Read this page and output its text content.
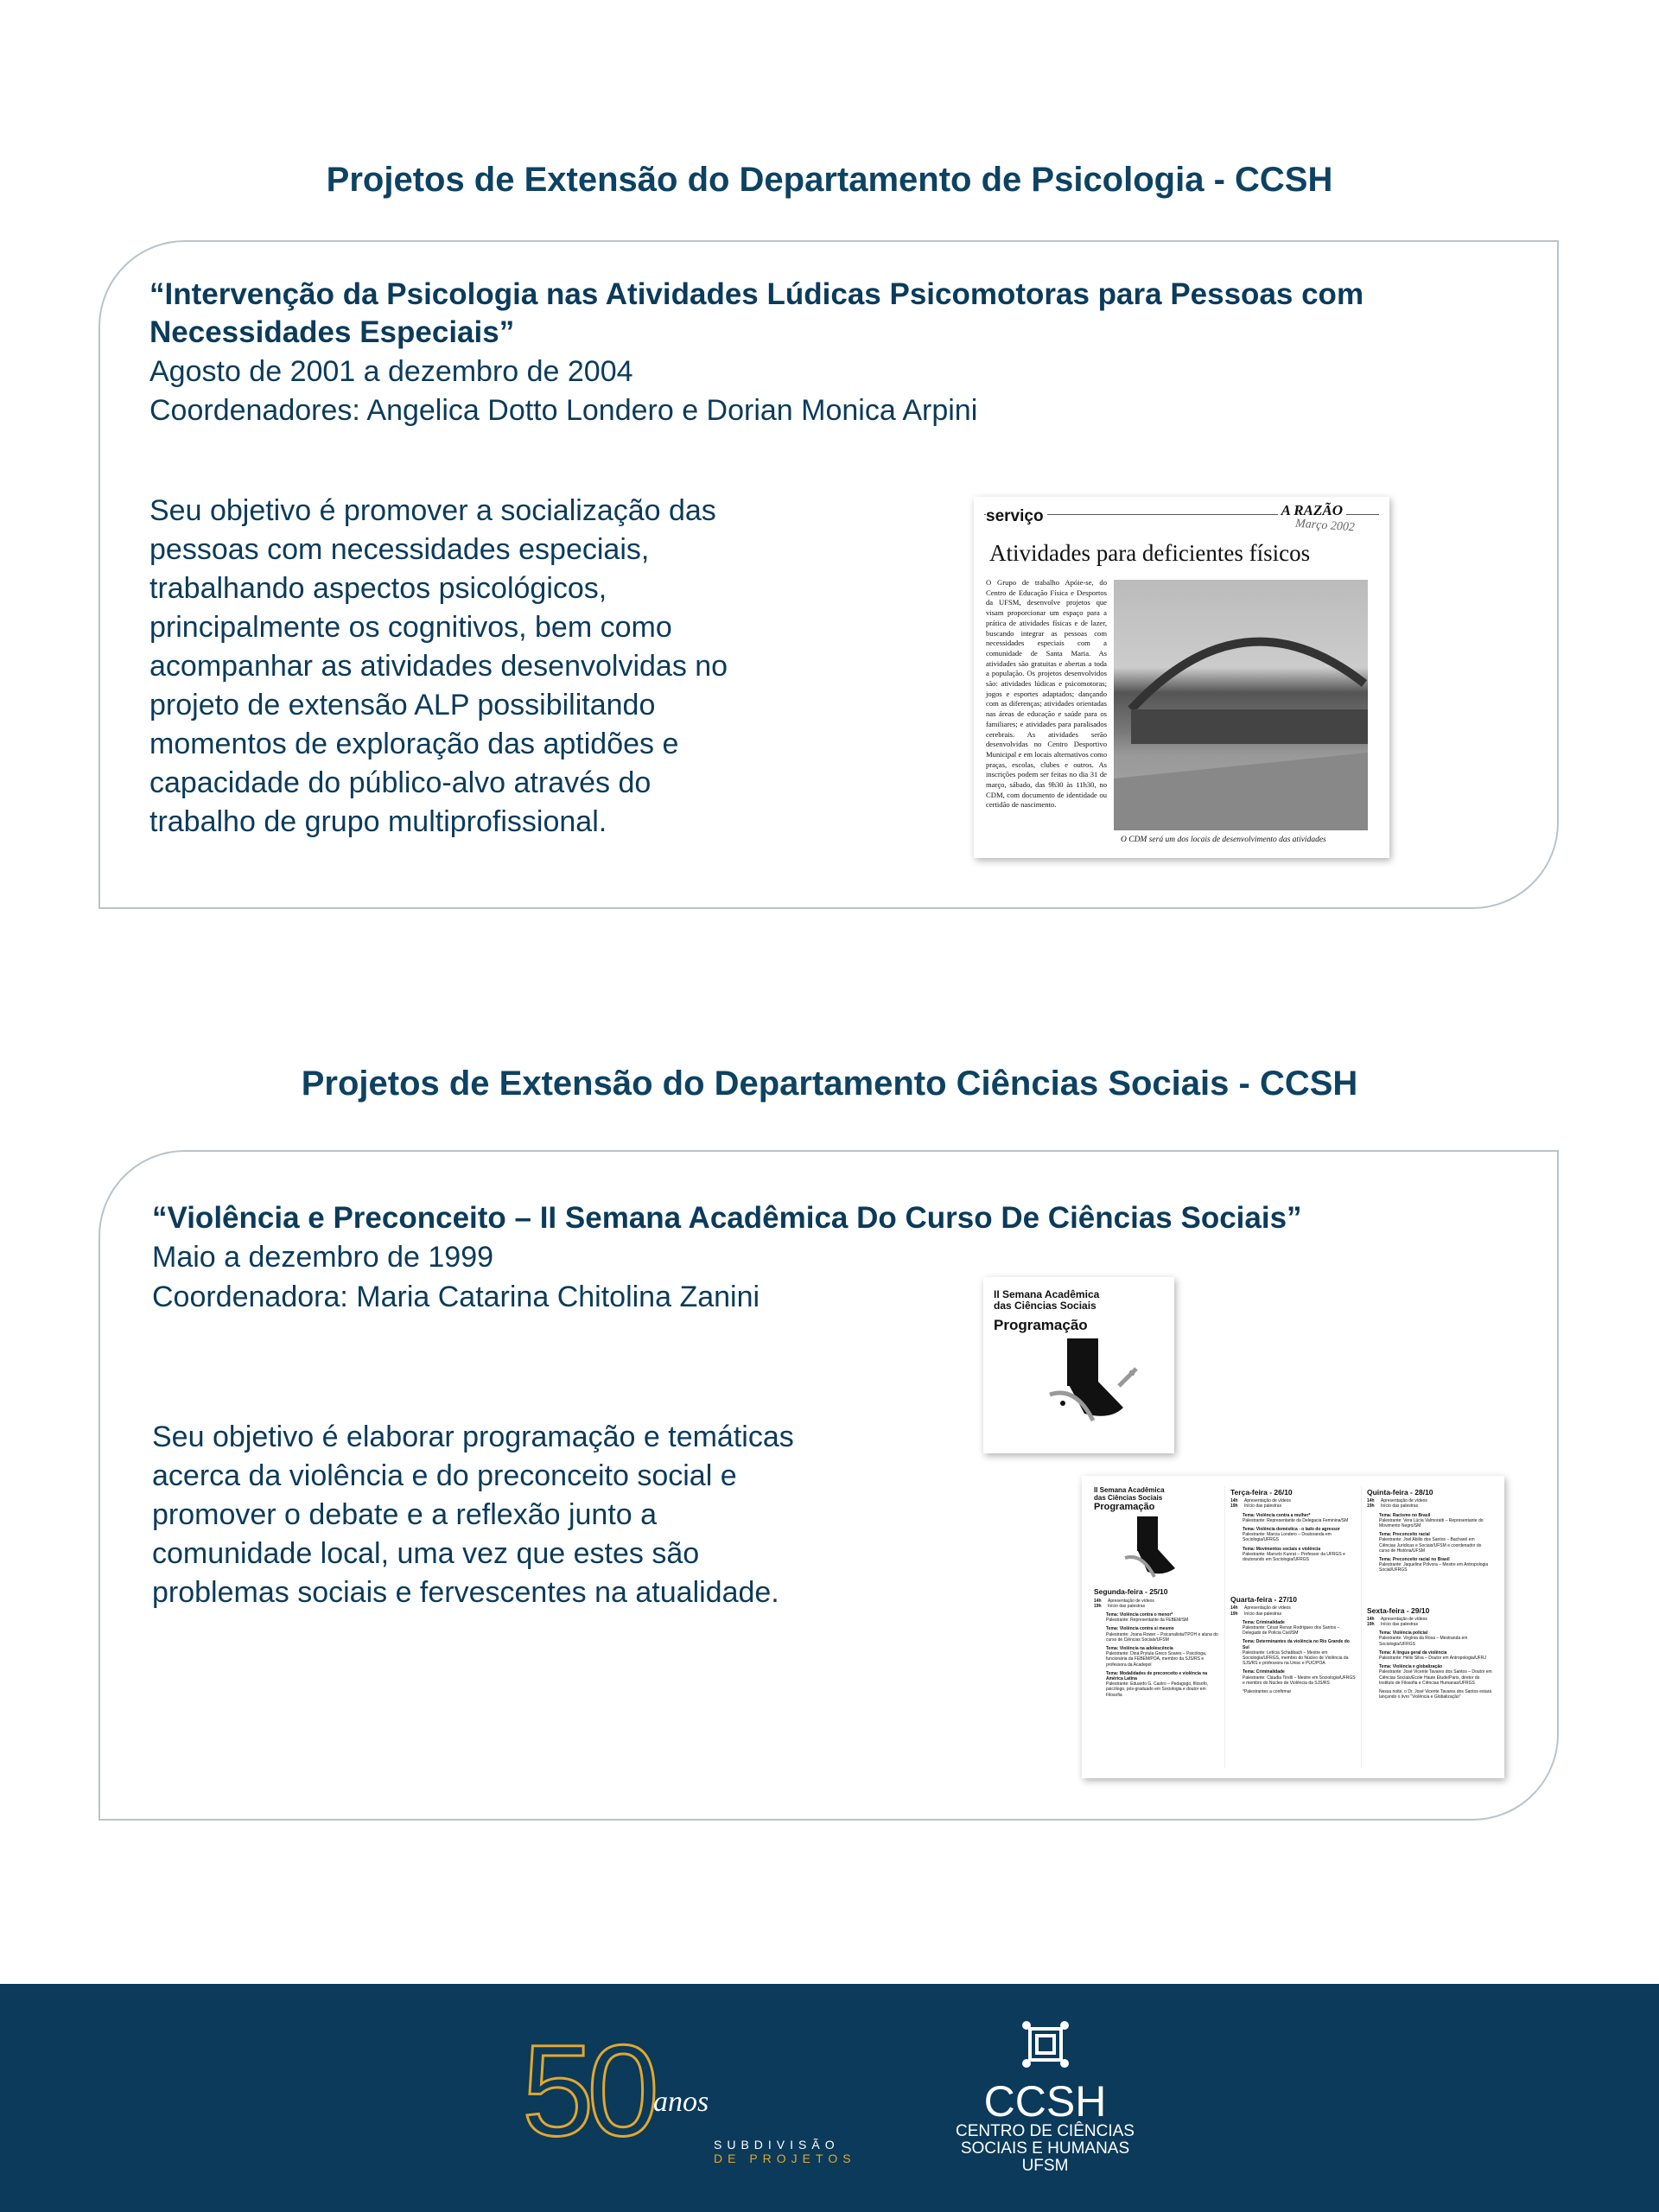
Projetos de Extensão do Departamento de Psicologia - CCSH
“Intervenção da Psicologia nas Atividades Lúdicas Psicomotoras para Pessoas com
Necessidades Especiais”
Agosto de 2001 a dezembro de 2004
Coordenadores: Angelica Dotto Londero e Dorian Monica Arpini
Seu objetivo é promover a socialização das
pessoas com necessidades especiais,
trabalhando aspectos psicológicos,
principalmente os cognitivos, bem como
acompanhar as atividades desenvolvidas no
projeto de extensão ALP possibilitando
momentos de exploração das aptidões e
capacidade do público-alvo através do
trabalho de grupo multiprofissional.
serviço	A RAZÃO
Março 2002
Atividades para deficientes físicos
O Grupo de trabalho Apóie-se, do Centro de Educação Física e Desportos da UFSM, desenvolve projetos que visam proporcionar um espaço para a prática de atividades físicas e de lazer, buscando integrar as pessoas com necessidades especiais com a comunidade de Santa Maria. As atividades são gratuitas e abertas a toda a população. Os projetos desenvolvidos são: atividades lúdicas e psicomotoras; jogos e esportes adaptados; dançando com as diferenças; atividades orientadas nas áreas de educação e saúde para os familiares; e atividades para paralisados cerebrais. As atividades serão desenvolvidas no Centro Desportivo Municipal e em locais alternativos como praças, escolas, clubes e outros. As inscrições podem ser feitas no dia 31 de março, sábado, das 9h30 às 11h30, no CDM, com documento de identidade ou certidão de nascimento.
O CDM será um dos locais de desenvolvimento das atividades
Projetos de Extensão do Departamento Ciências Sociais - CCSH
“Violência e Preconceito – II Semana Acadêmica Do Curso De Ciências Sociais”
Maio a dezembro de 1999
Coordenadora: Maria Catarina Chitolina Zanini
Seu objetivo é elaborar programação e temáticas
acerca da violência e do preconceito social e
promover o debate e a reflexão junto a
comunidade local, uma vez que estes são
problemas sociais e fervescentes na atualidade.
II Semana Acadêmica
das Ciências Sociais
Programação
II Semana Acadêmica
das Ciências Sociais
Programação
Segunda-feira - 25/10
14h Apresentação de vídeos
19h Início das palestras
Tema: Violência contra o menor*
Palestrante: Representante da FEBEM/SM
Tema: Violência contra si mesmo
Palestrante: Joana Rower – Psicanalista/TPOH e aluna do curso de Ciências Sociais/UFSM
Tema: Violência na adolescência
Palestrante: Diná Prytula Greco Soares – Psicóloga, funcionária da FEBEM/POA, membro da SJS/RS e professora da Acadepol
Tema: Modalidades de preconceito e violência na América Latina
Palestrante: Eduardo G. Castro – Pedagogo, filósofo, psicólogo, pós-graduado em Sociologia e doutor em Filosofia
Terça-feira - 26/10
14h Apresentação de vídeos
19h Início das palestras
Tema: Violência contra a mulher*
Palestrante: Representante da Delegacia Feminina/SM
Tema: Violência doméstica - o lado do agressor
Palestrante: Marcia Londero – Doutoranda em Sociologia/UFRGS
Tema: Movimentos sociais e violência
Palestrante: Marcelo Kunrat – Professor da UFRGS e doutorando em Sociologia/UFRGS
Quarta-feira - 27/10
14h Apresentação de vídeos
19h Início das palestras
Tema: Criminalidade
Palestrante: César Renan Rodrigues dos Santos – Delegado de Polícia Civil/SM
Tema: Determinantes da violência no Rio Grande do Sul
Palestrante: Letícia Schabbach – Mestre em Sociologia/UFRGS, membro do Núcleo de Violência da SJS/RS e professora na Unisc e PUC/POA
Tema: Criminalidade
Palestrante: Cláudia Tirelli – Mestre em Sociologia/UFRGS e membro do Núcleo de Violência da SJS/RS
*Palestrantes a confirmar
Quinta-feira - 28/10
14h Apresentação de vídeos
19h Início das palestras
Tema: Racismo no Brasil
Palestrante: Vera Lúcia Valmoratti – Representante do Movimento Negro/SM
Tema: Preconceito racial
Palestrante: Joel Abilio dos Santos – Bacharel em Ciências Jurídicas e Sociais/UFSM e coordenador do curso de História/UFSM
Tema: Preconceito racial no Brasil
Palestrante: Jaqueline Pólvora – Mestre em Antropologia Social/UFRGS
Sexta-feira - 29/10
14h Apresentação de vídeos
19h Início das palestras
Tema: Violência policial
Palestrante: Virgínia da Rosa – Mestranda em Sociologia/UFRGS
Tema: A língua geral da violência
Palestrante: Hélio Silva – Doutor em Antropologia/UFRJ
Tema: Violência e globalização
Palestrante: José Vicente Tavares dos Santos – Doutor em Ciências Sociais/École Haute Étude/Paris, diretor do Instituto de Filosofia e Ciências Humanas/UFRGS
Nessa noite, o Dr. José Vicente Tavares dos Santos estará lançando o livro “Violência e Globalização”
50 anos
SUBDIVISÃO
DE PROJETOS
CCSH
CENTRO DE CIÊNCIAS
SOCIAIS E HUMANAS
UFSM
